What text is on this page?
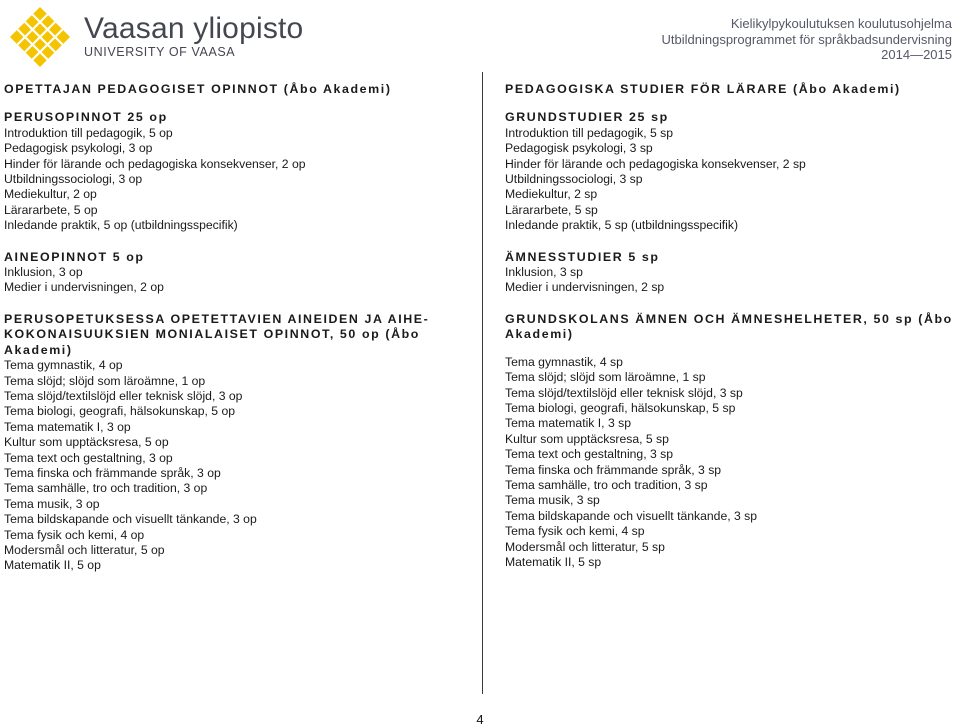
Vaasan yliopisto
UNIVERSITY OF VAASA
Kielikylpykoulutuksen koulutusohjelma
Utbildningsprogrammet för språkbadsundervisning
2014—2015

OPETTAJAN PEDAGOGISET OPINNOT (Åbo Akademi)

PERUSOPINNOT 25 op

Introduktion till pedagogik, 5 op

Pedagogisk psykologi, 3 op

Hinder för lärande och pedagogiska konsekvenser, 2 op

Utbildningssociologi, 3 op

Mediekultur, 2 op

Lärararbete, 5 op

Inledande praktik, 5 op (utbildningsspecifik)

AINEOPINNOT 5 op

Inklusion, 3 op

Medier i undervisningen, 2 op

PERUSOPETUKSESSA OPETETTAVIEN AINEIDEN JA AIHE-KOKONAISUUKSIEN MONIALAISET OPINNOT, 50 op (Åbo Akademi)

Tema gymnastik, 4 op

Tema slöjd; slöjd som läroämne, 1 op

Tema slöjd/textilslöjd eller teknisk slöjd, 3 op

Tema biologi, geografi, hälsokunskap, 5 op

Tema matematik I, 3 op

Kultur som upptäcksresa, 5 op

Tema text och gestaltning, 3 op

Tema finska och främmande språk, 3 op

Tema samhälle, tro och tradition, 3 op

Tema musik, 3 op

Tema bildskapande och visuellt tänkande, 3 op

Tema fysik och kemi, 4 op

Modersmål och litteratur, 5 op

Matematik II, 5 op

PEDAGOGISKA STUDIER FÖR LÄRARE (Åbo Akademi)

GRUNDSTUDIER 25 sp

Introduktion till pedagogik, 5 sp

Pedagogisk psykologi, 3 sp

Hinder för lärande och pedagogiska konsekvenser, 2 sp

Utbildningssociologi, 3 sp

Mediekultur, 2 sp

Lärararbete, 5 sp

Inledande praktik, 5 sp (utbildningsspecifik)

ÄMNESSTUDIER 5 sp

Inklusion, 3 sp

Medier i undervisningen, 2 sp

GRUNDSKOLANS ÄMNEN OCH ÄMNESHELHETER, 50 sp (Åbo Akademi)

Tema gymnastik, 4 sp

Tema slöjd; slöjd som läroämne, 1 sp

Tema slöjd/textilslöjd eller teknisk slöjd, 3 sp

Tema biologi, geografi, hälsokunskap, 5 sp

Tema matematik I, 3 sp

Kultur som upptäcksresa, 5 sp

Tema text och gestaltning, 3 sp

Tema finska och främmande språk, 3 sp

Tema samhälle, tro och tradition, 3 sp

Tema musik, 3 sp

Tema bildskapande och visuellt tänkande, 3 sp

Tema fysik och kemi, 4 sp

Modersmål och litteratur, 5 sp

Matematik II, 5 sp

4
